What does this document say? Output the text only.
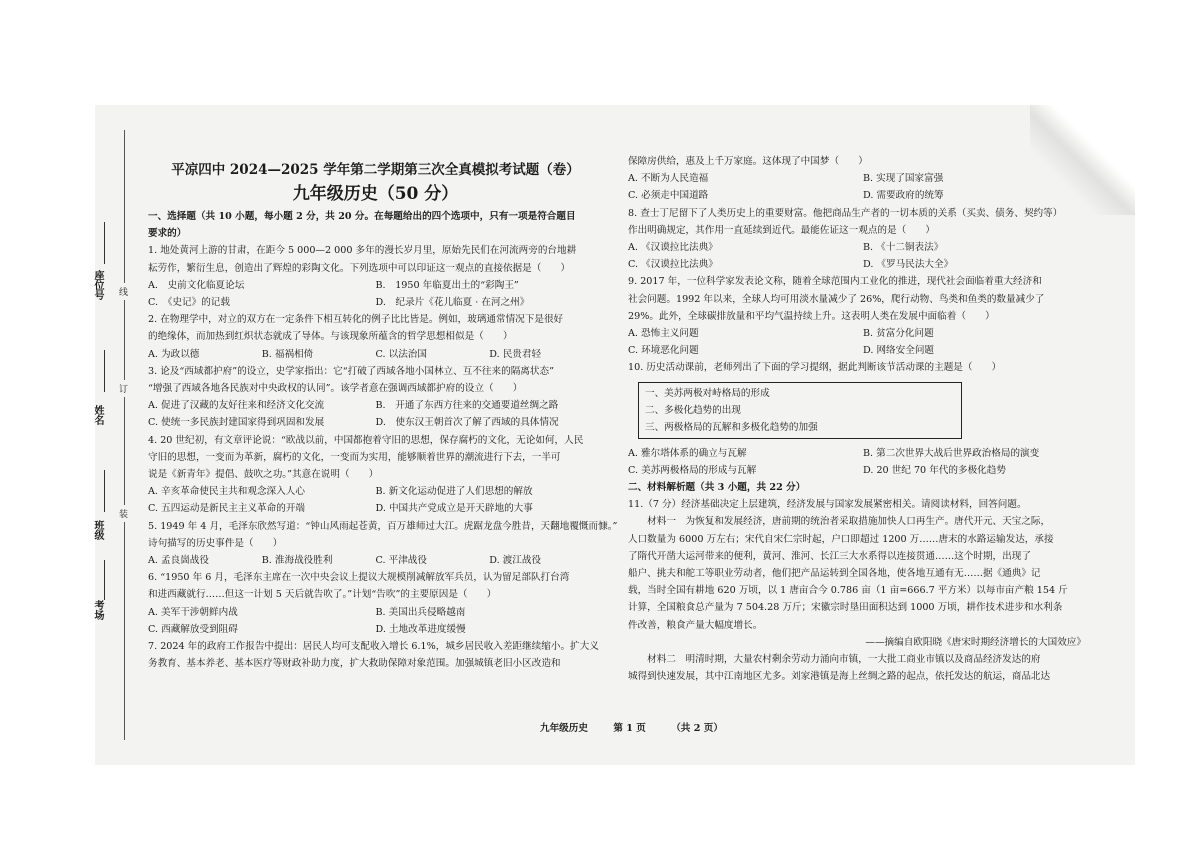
座位号
姓名
班级
考场
线
订
装

平凉四中 2024—2025 学年第二学期第三次全真模拟考试题（卷）

九年级历史（50 分）

一、选择题（共 10 小题，每小题 2 分，共 20 分。在每题给出的四个选项中，只有一项是符合题目

要求的）

1. 地处黄河上游的甘肃，在距今 5 000—2 000 多年的漫长岁月里，原始先民们在河流两旁的台地耕

耘劳作，繁衍生息，创造出了辉煌的彩陶文化。下列选项中可以印证这一观点的直接依据是（　　）

A.　史前文化临夏论坛	B.　1950 年临夏出土的“彩陶王”

C.　《史记》的记载	D.　纪录片《花儿临夏 · 在河之州》

2. 在物理学中，对立的双方在一定条件下相互转化的例子比比皆是。例如，玻璃通常情况下是很好

的绝缘体，而加热到红炽状态就成了导体。与该现象所蕴含的哲学思想相似是（　　）

A. 为政以德	B. 福祸相倚	C. 以法治国	D. 民贵君轻

3. 论及“西域都护府”的设立，史学家指出：它“打破了西域各地小国林立、互不往来的隔离状态”

“增强了西域各地各民族对中央政权的认同”。该学者意在强调西域都护府的设立（　　）

A. 促进了汉藏的友好往来和经济文化交流	B.　开通了东西方往来的交通要道丝绸之路

C. 使统一多民族封建国家得到巩固和发展	D.　使东汉王朝首次了解了西域的具体情况

4. 20 世纪初，有文章评论说：“欧战以前，中国都抱着守旧的思想，保存腐朽的文化，无论如何，人民

守旧的思想，一变而为革新，腐朽的文化，一变而为实用，能够顺着世界的潮流进行下去，一半可

说是《新青年》提倡、鼓吹之功。”其意在说明（　　）

A. 辛亥革命使民主共和观念深入人心	B. 新文化运动促进了人们思想的解放

C. 五四运动是新民主主义革命的开端	D. 中国共产党成立是开天辟地的大事

5. 1949 年 4 月，毛泽东欣然写道：“钟山风雨起苍黄，百万雄师过大江。虎踞龙盘今胜昔，天翻地覆慨而慷。”

诗句描写的历史事件是（　　）

A. 孟良崮战役	B. 淮海战役胜利	C. 平津战役	D. 渡江战役

6. “1950 年 6 月，毛泽东主席在一次中央会议上提议大规模削减解放军兵员，认为留足部队打台湾

和进西藏就行……但这一计划 5 天后就告吹了。”计划“告吹”的主要原因是（　　）

A. 美军干涉朝鲜内战	B. 美国出兵侵略越南

C. 西藏解放受到阻碍	D. 土地改革进度缓慢

7. 2024 年的政府工作报告中提出：居民人均可支配收入增长 6.1%，城乡居民收入差距继续缩小。扩大义

务教育、基本养老、基本医疗等财政补助力度，扩大救助保障对象范围。加强城镇老旧小区改造和

保障房供给，惠及上千万家庭。这体现了中国梦（　　）

A. 不断为人民造福	B. 实现了国家富强

C. 必须走中国道路	D. 需要政府的统筹

8. 查士丁尼留下了人类历史上的重要财富。他把商品生产者的一切本质的关系（买卖、债务、契约等）

作出明确规定，其作用一直延续到近代。最能佐证这一观点的是（　　）

A. 《汉谟拉比法典》	B. 《十二铜表法》

C. 《汉谟拉比法典》	D. 《罗马民法大全》

9. 2017 年，一位科学家发表论文称，随着全球范围内工业化的推进，现代社会面临着重大经济和

社会问题。1992 年以来，全球人均可用淡水量减少了 26%，爬行动物、鸟类和鱼类的数量减少了

29%。此外，全球碳排放量和平均气温持续上升。这表明人类在发展中面临着（　　）

A. 恐怖主义问题	B. 贫富分化问题

C. 环境恶化问题	D. 网络安全问题

10. 历史活动课前，老师列出了下面的学习提纲，据此判断该节活动课的主题是（　　）

一、美苏两极对峙格局的形成

二、多极化趋势的出现

三、两极格局的瓦解和多极化趋势的加强

A. 雅尔塔体系的确立与瓦解	B. 第二次世界大战后世界政治格局的演变

C. 美苏两极格局的形成与瓦解	D. 20 世纪 70 年代的多极化趋势

二、材料解析题（共 3 小题，共 22 分）

11.（7 分）经济基础决定上层建筑，经济发展与国家发展紧密相关。请阅读材料，回答问题。

　　材料一　为恢复和发展经济，唐前期的统治者采取措施加快人口再生产。唐代开元、天宝之际，

人口数量为 6000 万左右；宋代自宋仁宗时起，户口即超过 1200 万……唐末的水路运输发达，承接

了隋代开凿大运河带来的便利，黄河、淮河、长江三大水系得以连接贯通……这个时期，出现了

船户、挑夫和舵工等职业劳动者，他们把产品运转到全国各地，使各地互通有无……据《通典》记

载，当时全国有耕地 620 万顷，以 1 唐亩合今 0.786 亩（1 亩=666.7 平方米）以每市亩产粮 154 斤

计算，全国粮食总产量为 7 504.28 万斤；宋徽宗时垦田面积达到 1000 万顷，耕作技术进步和水利条

件改善，粮食产量大幅度增长。

——摘编自欧阳晓《唐宋时期经济增长的大国效应》

　　材料二　明清时期，大量农村剩余劳动力涌向市镇，一大批工商业市镇以及商品经济发达的府

城得到快速发展，其中江南地区尤多。刘家港镇是海上丝绸之路的起点，依托发达的航运，商品北达

九年级历史	第 1 页	（共 2 页）
